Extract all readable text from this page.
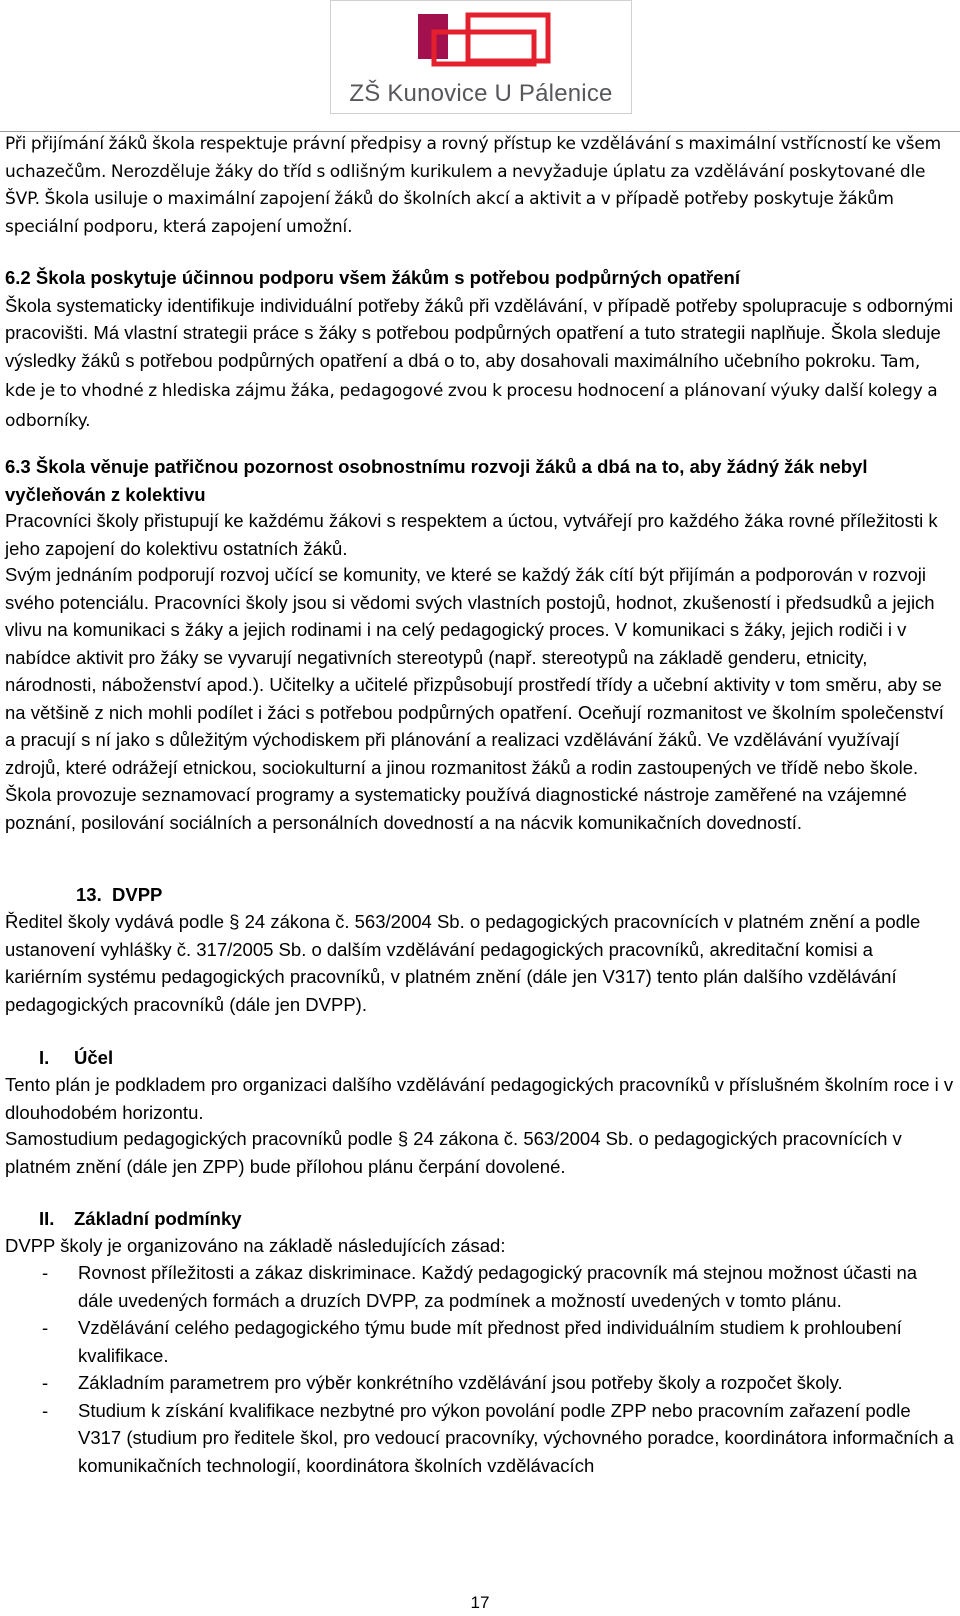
ZŠ Kunovice U Pálenice

Při přijímání žáků škola respektuje právní předpisy a rovný přístup ke vzdělávání s maximální vstřícností ke všem uchazečům. Nerozděluje žáky do tříd s odlišným kurikulem a nevyžaduje úplatu za vzdělávání poskytované dle ŠVP. Škola usiluje o maximální zapojení žáků do školních akcí a aktivit a v případě potřeby poskytuje žákům speciální podporu, která zapojení umožní.

6.2 Škola poskytuje účinnou podporu všem žákům s potřebou podpůrných opatření

Škola systematicky identifikuje individuální potřeby žáků při vzdělávání, v případě potřeby spolupracuje s odbornými pracovišti. Má vlastní strategii práce s žáky s potřebou podpůrných opatření a tuto strategii naplňuje. Škola sleduje výsledky žáků s potřebou podpůrných opatření a dbá o to, aby dosahovali maximálního učebního pokroku. Tam, kde je to vhodné z hlediska zájmu žáka, pedagogové zvou k procesu hodnocení a plánovaní výuky další kolegy a odborníky.

6.3 Škola věnuje patřičnou pozornost osobnostnímu rozvoji žáků a dbá na to, aby žádný žák nebyl vyčleňován z kolektivu

Pracovníci školy přistupují ke každému žákovi s respektem a úctou, vytvářejí pro každého žáka rovné příležitosti k jeho zapojení do kolektivu ostatních žáků.

Svým jednáním podporují rozvoj učící se komunity, ve které se každý žák cítí být přijímán a podporován v rozvoji svého potenciálu. Pracovníci školy jsou si vědomi svých vlastních postojů, hodnot, zkušeností i předsudků a jejich vlivu na komunikaci s žáky a jejich rodinami i na celý pedagogický proces. V komunikaci s žáky, jejich rodiči i v nabídce aktivit pro žáky se vyvarují negativních stereotypů (např. stereotypů na základě genderu, etnicity, národnosti, náboženství apod.). Učitelky a učitelé přizpůsobují prostředí třídy a učební aktivity v tom směru, aby se na většině z nich mohli podílet i žáci s potřebou podpůrných opatření. Oceňují rozmanitost ve školním společenství a pracují s ní jako s důležitým východiskem při plánování a realizaci vzdělávání žáků. Ve vzdělávání využívají zdrojů, které odrážejí etnickou, sociokulturní a jinou rozmanitost žáků a rodin zastoupených ve třídě nebo škole. Škola provozuje seznamovací programy a systematicky používá diagnostické nástroje zaměřené na vzájemné poznání, posilování sociálních a personálních dovedností a na nácvik komunikačních dovedností.

13. DVPP

Ředitel školy vydává podle § 24 zákona č. 563/2004 Sb. o pedagogických pracovnících v platném znění a podle ustanovení vyhlášky č. 317/2005 Sb. o dalším vzdělávání pedagogických pracovníků, akreditační komisi a kariérním systému pedagogických pracovníků, v platném znění (dále jen V317) tento plán dalšího vzdělávání pedagogických pracovníků (dále jen DVPP).

I. Účel

Tento plán je podkladem pro organizaci dalšího vzdělávání pedagogických pracovníků v příslušném školním roce i v dlouhodobém horizontu.

Samostudium pedagogických pracovníků podle § 24 zákona č. 563/2004 Sb. o pedagogických pracovnících v platném znění (dále jen ZPP) bude přílohou plánu čerpání dovolené.

II. Základní podmínky

DVPP školy je organizováno na základě následujících zásad:

- Rovnost příležitosti a zákaz diskriminace. Každý pedagogický pracovník má stejnou možnost účasti na dále uvedených formách a druzích DVPP, za podmínek a možností uvedených v tomto plánu.
- Vzdělávání celého pedagogického týmu bude mít přednost před individuálním studiem k prohloubení kvalifikace.
- Základním parametrem pro výběr konkrétního vzdělávání jsou potřeby školy a rozpočet školy.
- Studium k získání kvalifikace nezbytné pro výkon povolání podle ZPP nebo pracovním zařazení podle V317 (studium pro ředitele škol, pro vedoucí pracovníky, výchovného poradce, koordinátora informačních a komunikačních technologií, koordinátora školních vzdělávacích
17
